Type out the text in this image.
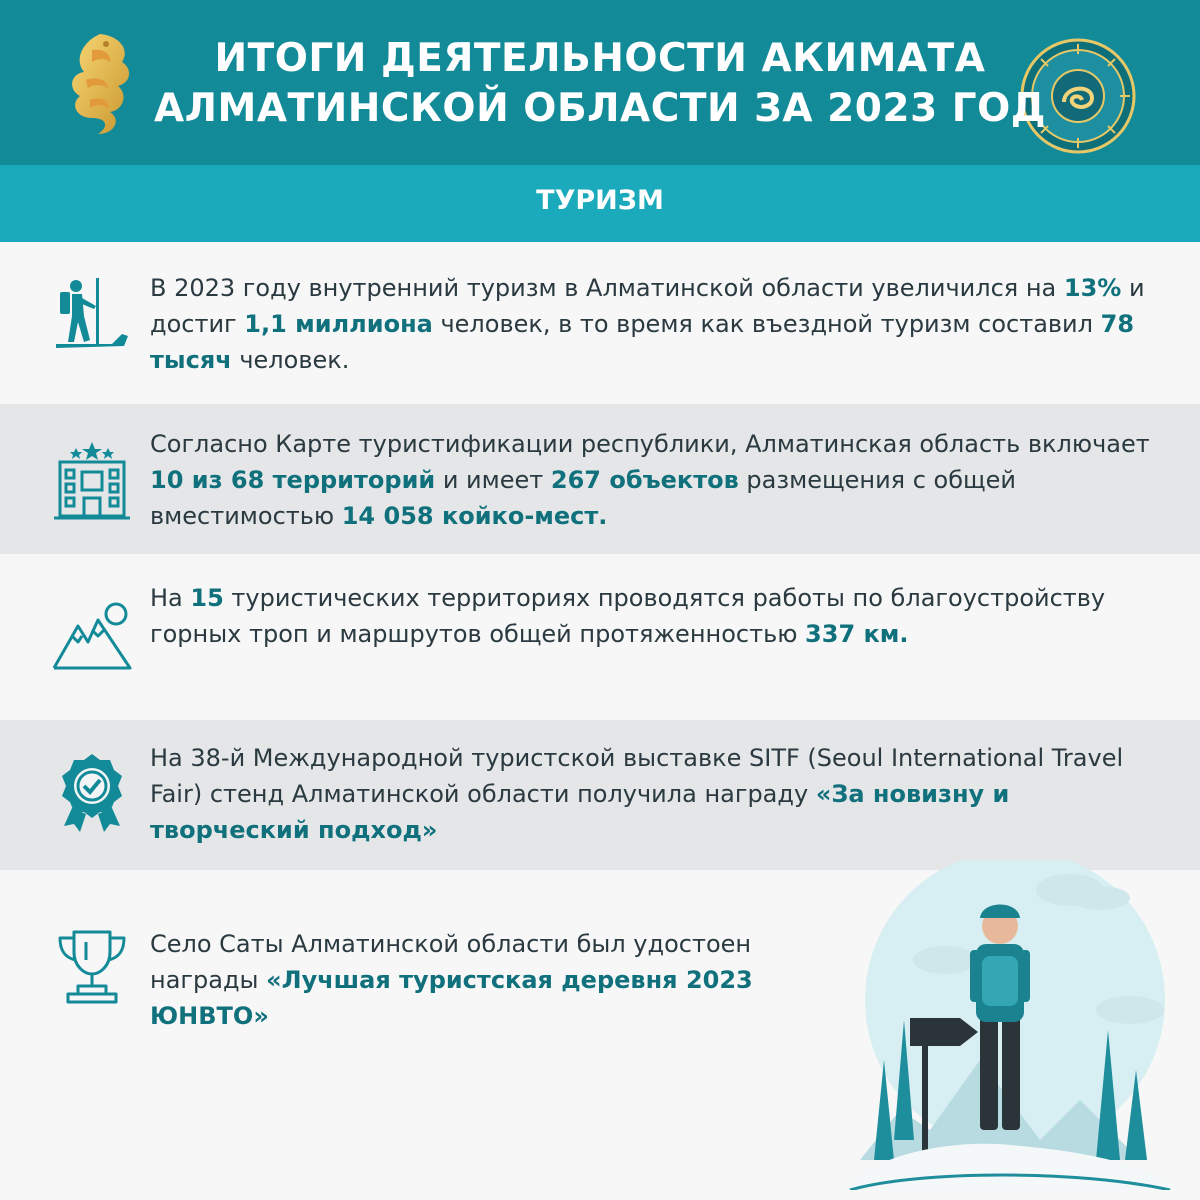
ИТОГИ ДЕЯТЕЛЬНОСТИ АКИМАТА
АЛМАТИНСКОЙ ОБЛАСТИ ЗА 2023 ГОД
ТУРИЗМ
В 2023 году внутренний туризм в Алматинской области увеличился на 13% и достиг 1,1 миллиона человек, в то время как въездной туризм составил 78 тысяч человек.
Согласно Карте туристификации республики, Алматинская область включает 10 из 68 территорий и имеет 267 объектов размещения с общей вместимостью 14 058 койко-мест.
На 15 туристических территориях проводятся работы по благоустройству горных троп и маршрутов общей протяженностью 337 км.
На 38-й Международной туристской выставке SITF (Seoul International Travel Fair) стенд Алматинской области получила награду «За новизну и творческий подход»
Село Саты Алматинской области был удостоен награды «Лучшая туристская деревня 2023 ЮНВТО»
